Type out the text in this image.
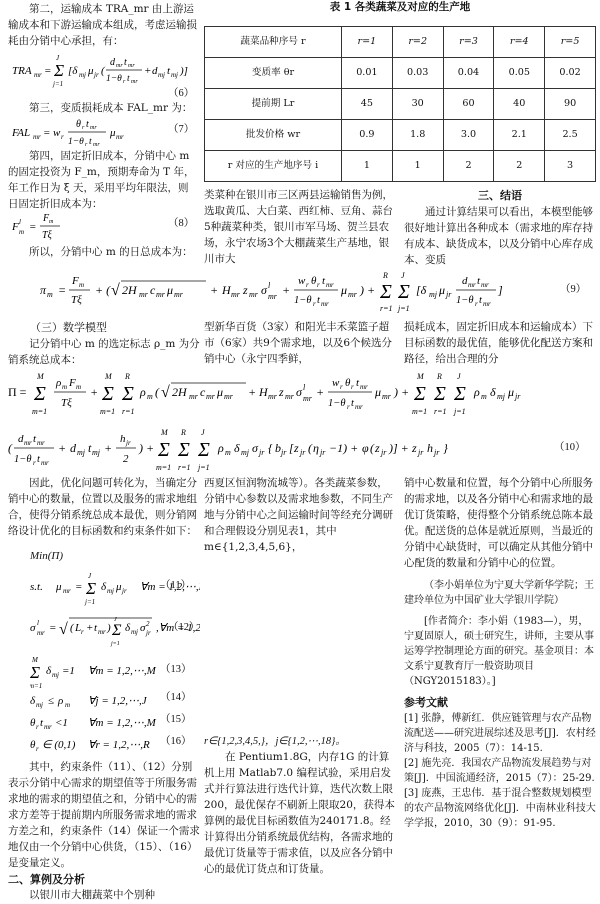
第二，运输成本 TRA_mr 由上游运输成本和下游运输成本组成，考虑运输损耗由分销中心承担，有：

TRA mr = Σ
J
j=1
[δ mj μ jr (
d mr t mr
1−θ r t mr
+ d mj t mj )]
（6）

第三，变质损耗成本 FAL_mr 为：

FAL mr = w r
θ r t mr
1−θ r t mr
μ mr
（7）

第四，固定折旧成本，分销中心 m 的固定投资为 F_m，预期寿命为 T 年，年工作日为 ξ 天，采用平均年限法，则日固定折旧成本为：

F l
m =
F m
Tξ
（8）

所以，分销中心 m 的日总成本为：

表 1 各类蔬菜及对应的生产地
蔬菜品种序号 r	r=1	r=2	r=3	r=4	r=5
变质率 θr	0.01	0.03	0.04	0.05	0.02
提前期 Lr	45	30	60	40	90
批发价格 wr	0.9	1.8	3.0	2.1	2.5
r 对应的生产地序号 i	1	1	2	2	3

类菜种在银川市三区两县运输销售为例，选取黄瓜、大白菜、西红柿、豆角、蒜台5种蔬菜种类，银川市军马场、贺兰县农场，永宁农场3个大棚蔬菜生产基地，银川市大

三、结语

通过计算结果可以看出，本模型能够很好地计算出各种成本（需求地的库存持有成本、缺货成本，以及分销中心库存成本、变质

π m =
F m
Tξ
+ ( √ 2H mr c mr μ mr + H mr z mr σ l
mr +
w r θ r t mr
1−θ r t mr
μ mr ) + Σ
R
r=1
Σ
J
j=1
[δ mj μ jr
d mr t mr
1−θ r t mr
]	（9）
（三）数学模型

记分销中心 m 的选定标志 ρ_m 为分销系统总成本：

型新华百货（3家）和阳光丰禾菜篮子超市（6家）共9个需求地，以及6个候选分销中心（永宁四季鲜，

损耗成本，固定折旧成本和运输成本）下目标函数的最优值，能够优化配送方案和路径，给出合理的分

Π = Σ
M
m=1
ρ m F m
Tξ
+ Σ
M
m=1
Σ
R
r=1
ρ m ( √ 2H mr c mr μ mr + H mr z mr σ l
mr +
w r θ r t mr
1−θ r t mr
μ mr ) + Σ
M
m=1
Σ
R
r=1
Σ
J
j=1
ρ m δ mj μ jr
(
d mr t mr
1−θ r t mr
+ d mj t mj +
h jr
2
) + Σ
M
m=1
Σ
R
r=1
Σ
J
j=1
ρ m δ mj σ jr { b jr [ z jr ( η jr −1) + φ ( z jr )] + z jr h jr }	（10）

因此，优化问题可转化为，当确定分销中心的数量，位置以及服务的需求地组合，使得分销系统总成本最优，则分销网络设计优化的目标函数和约束条件如下：

Min(Π)
s.t. μ mr = Σ
J
j=1
δ mj μ jr ∀m = 1,2,⋯,
（11）
σ l
mr = √ ( L r + t mr ) Σ
J
j=1
δ mj σ 2
jr ,∀m = 1,2
（12）
Σ
M
m=1
δ mj =1 ∀m = 1,2,⋯,M （13）
δ mj ≤ ρ m ∀j = 1,2,⋯,J （14）
θ r t mr <1 ∀m = 1,2,⋯,M （15）
θ r ∈ (0,1) ∀r = 1,2,⋯,R （16）

其中，约束条件（11）、（12）分别表示分销中心需求的期望值等于所服务需求地的需求的期望值之和，分销中心的需求方差等于提前期内所服务需求地的需求方差之和，约束条件（14）保证一个需求地仅由一个分销中心供货，（15）、（16）是变量定义。

二、算例及分析

以银川市大棚蔬菜中个别种

西夏区恒润物流城等）。各类蔬菜参数，分销中心参数以及需求地参数，不同生产地与分销中心之间运输时间等经充分调研和合理假设分别见表1，其中 m∈{1,2,3,4,5,6}，

r∈{1,2,3,4,5,}，j∈{1,2,⋯,18}。

在 Pentium1.8G，内存1G 的计算机上用 Matlab7.0 编程试验，采用启发式并行算法进行迭代计算，迭代次数上限200，最优保存不刷新上限取20，获得本算例的最优目标函数值为240171.8。经计算得出分销系统最优结构，各需求地的最优订货量等于需求值，以及应各分销中心的最优订货点和订货量。

销中心数量和位置，每个分销中心所服务的需求地，以及各分销中心和需求地的最优订货策略，使得整个分销系统总陈本最优。配送货的总体是就近原则，当最近的分销中心缺货时，可以确定从其他分销中心配货的数量和分销中心的位置。

（李小娟单位为宁夏大学新华学院；王建玲单位为中国矿业大学银川学院）

[作者简介：李小娟（1983—），男，宁夏固原人，硕士研究生，讲师，主要从事运筹学控制理论方面的研究。基金项目：本文系宁夏教育厅一般资助项目（NGY2015183）。]

参考文献

[1] 张静，傅新红．供应链管理与农产品物流配送——研究进展综述及思考[J]．农村经济与科技，2005（7）：14-15.

[2] 施先亮．我国农产品物流发展趋势与对策[J]．中国流通经济，2015（7）：25-29.

[3] 庞燕，王忠伟．基于混合整数规划模型的农产品物流网络优化[J]．中南林业科技大学学报，2010，30（9）：91-95.
